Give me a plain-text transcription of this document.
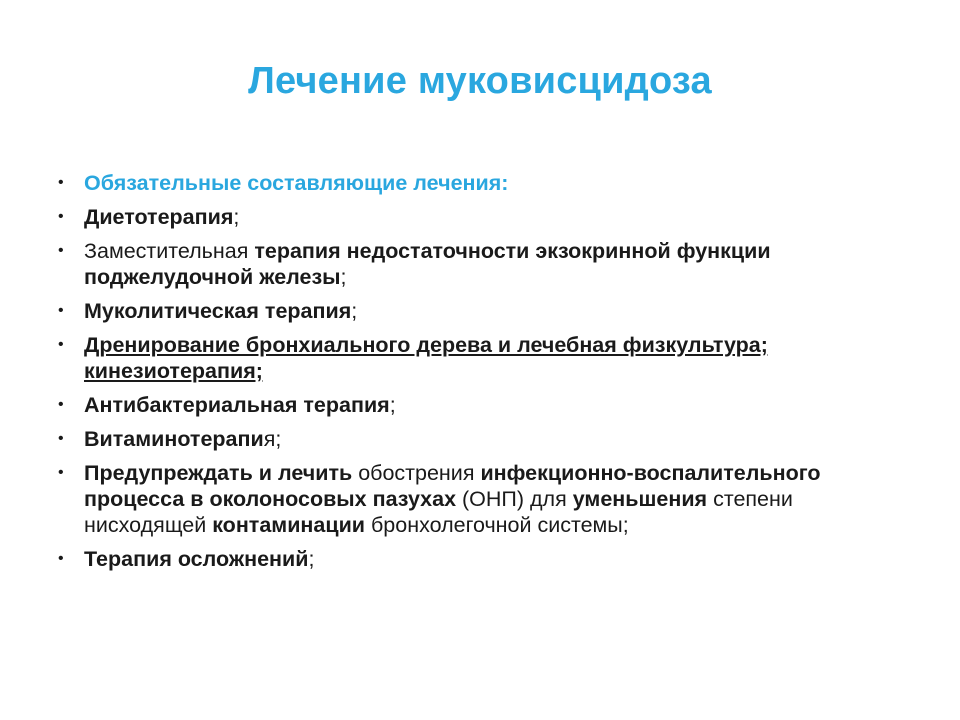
Лечение муковисцидоза
• Обязательные составляющие лечения:
• Диетотерапия;
• Заместительная терапия недостаточности экзокринной функции поджелудочной железы;
• Муколитическая терапия;
• Дренирование бронхиального дерева и лечебная физкультура; кинезиотерапия;
• Антибактериальная терапия;
• Витаминотерапия;
• Предупреждать и лечить обострения инфекционно-воспалительного процесса в околоносовых пазухах (ОНП) для уменьшения степени нисходящей контаминации бронхолегочной системы;
• Терапия осложнений;
